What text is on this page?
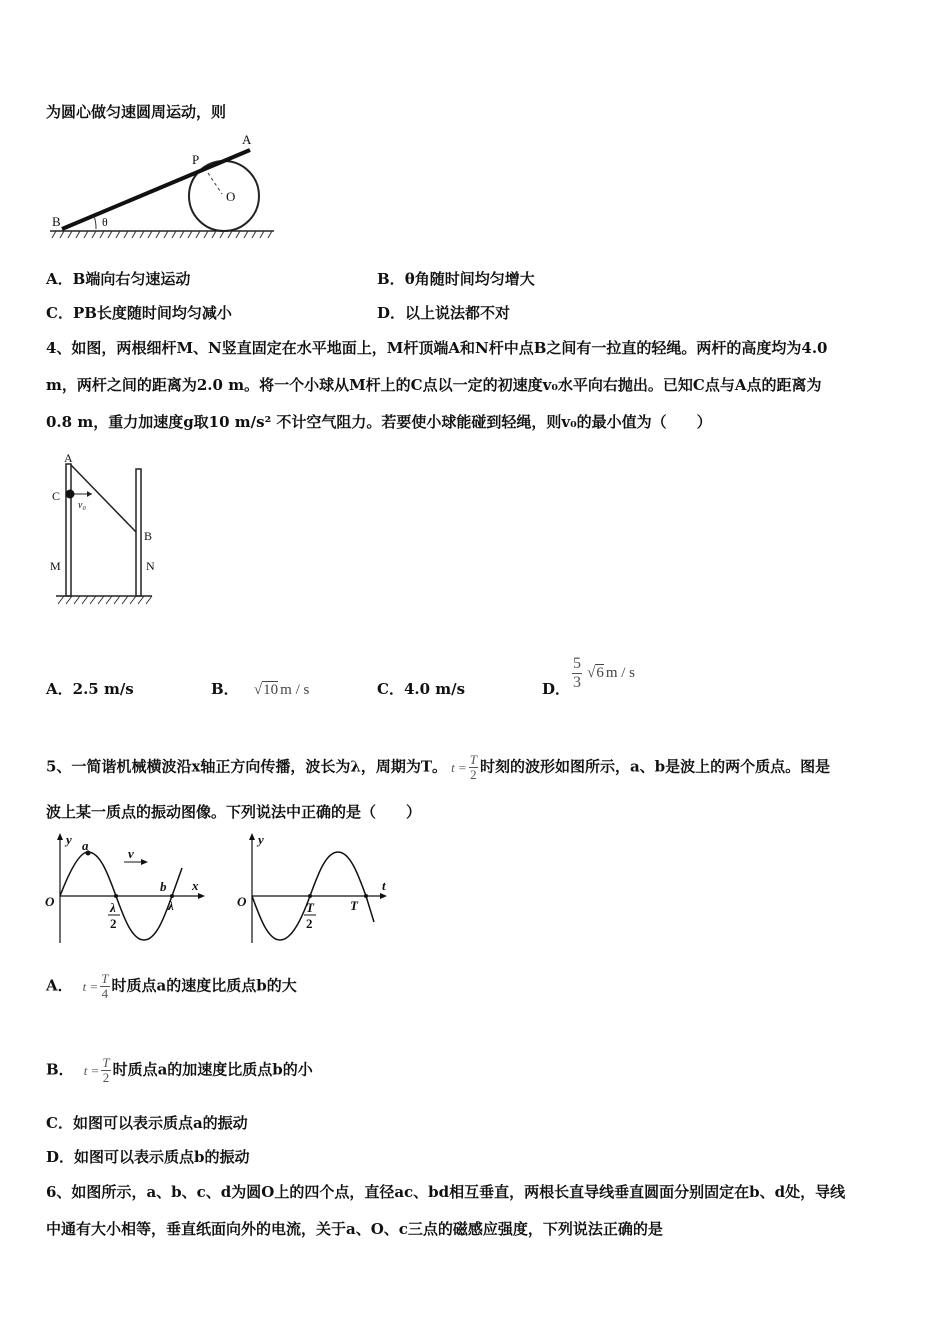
为圆心做匀速圆周运动，则
A
P
O
B	θ
A．B端向右匀速运动	B．θ角随时间均匀增大
C．PB长度随时间均匀减小	D．以上说法都不对
4、如图，两根细杆M、N竖直固定在水平地面上，M杆顶端A和N杆中点B之间有一拉直的轻绳。两杆的高度均为4.0
m，两杆之间的距离为2.0 m。将一个小球从M杆上的C点以一定的初速度v₀水平向右抛出。已知C点与A点的距离为
0.8 m，重力加速度g取10 m/s² 不计空气阻力。若要使小球能碰到轻绳，则v₀的最小值为（　　）
A
C
v₀
B
M	N
A．2.5 m/s	B． √10 m / s	C．4.0 m/s	D． $\frac{5}{3} √6$ m / s
5、一简谐机械横波沿x轴正方向传播，波长为λ，周期为T。 $t = \frac{T}{2}$ 时刻的波形如图所示，a、b是波上的两个质点。图是
波上某一质点的振动图像。下列说法中正确的是（　　）
y a
v
b x
O	λ
2
λ
y
t
O	T
2
T
A． $t = \frac{T}{4}$ 时质点a的速度比质点b的大
B． $t = \frac{T}{2}$ 时质点a的加速度比质点b的小
C．如图可以表示质点a的振动
D．如图可以表示质点b的振动
6、如图所示，a、b、c、d为圆O上的四个点，直径ac、bd相互垂直，两根长直导线垂直圆面分别固定在b、d处，导线
中通有大小相等，垂直纸面向外的电流，关于a、O、c三点的磁感应强度，下列说法正确的是
